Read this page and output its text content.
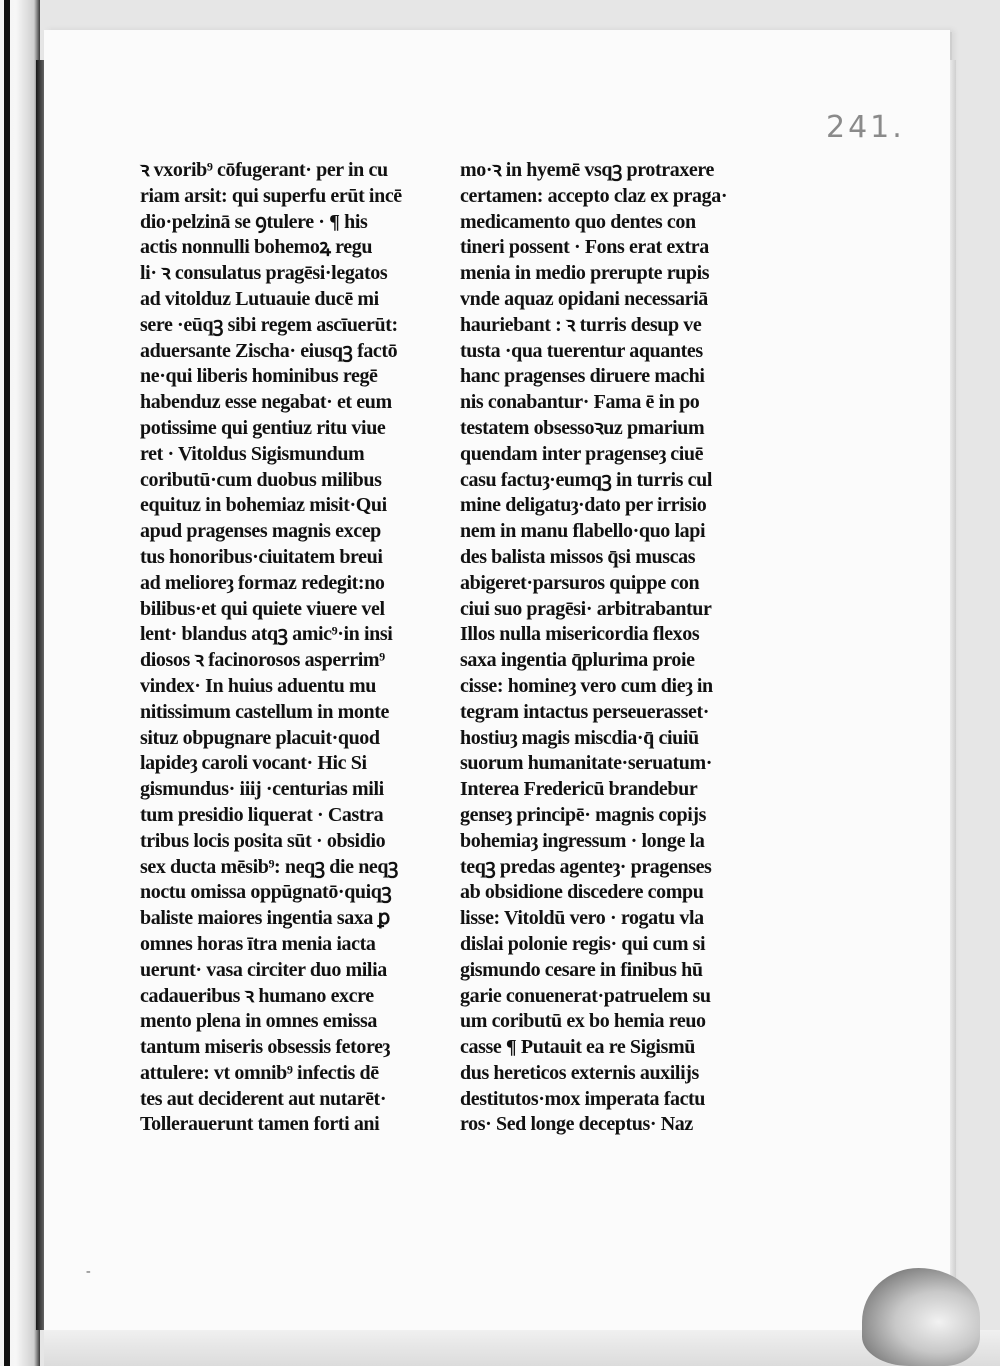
241.
-
ꝛ vxorib⁹ cōfugerant· per in cu
riam arsit: qui superfu erūt incē
dio·pelzinā se ꝯtulere · ¶ his
actis nonnulli bohemoꝝ regu
li· ꝛ consulatus pragēsi·legatos
ad vitolduz Lutuauie ducē mi
sere ·eūqꝫ sibi regem ascīuerūt:
aduersante Zischa· eiusqꝫ factō
ne·qui liberis hominibus regē
habenduz esse negabat· et eum
potissime qui gentiuz ritu viue
ret · Vitoldus Sigismundum
coributū·cum duobus milibus
equituz in bohemiaz misit·Qui
apud pragenses magnis excep
tus honoribus·ciuitatem breui
ad melioreȝ formaz redegit:no
bilibus·et qui quiete viuere vel
lent· blandus atqꝫ amic⁹·in insi
diosos ꝛ facinorosos asperrim⁹
vindex· In huius aduentu mu
nitissimum castellum in monte
situz obpugnare placuit·quod
lapideȝ caroli vocant· Hic Si
gismundus· iiij ·centurias mili
tum presidio liquerat · Castra
tribus locis posita sūt · obsidio
sex ducta mēsib⁹: neqꝫ die neqꝫ
noctu omissa oppūgnatō·quiqꝫ
baliste maiores ingentia saxa ꝑ
omnes horas ītra menia iacta
uerunt· vasa circiter duo milia
cadaueribus ꝛ humano excre
mento plena in omnes emissa
tantum miseris obsessis fetoreȝ
attulere: vt omnib⁹ infectis dē
tes aut deciderent aut nutarēt·
Tollerauerunt tamen forti ani
mo·ꝛ in hyemē vsqꝫ protraxere
certamen: accepto claz ex praga·
medicamento quo dentes con
tineri possent · Fons erat extra
menia in medio prerupte rupis
vnde aquaz opidani necessariā
hauriebant : ꝛ turris desup ve
tusta ·qua tuerentur aquantes
hanc pragenses diruere machi
nis conabantur· Fama ē in po
testatem obsessoꝛuz pmarium
quendam inter pragenseȝ ciuē
casu factuȝ·eumqꝫ in turris cul
mine deligatuȝ·dato per irrisio
nem in manu flabello·quo lapi
des balista missos q̄si muscas
abigeret·parsuros quippe con
ciui suo pragēsi· arbitrabantur
Illos nulla misericordia flexos
saxa ingentia q̄plurima proie
cisse: homineȝ vero cum dieȝ in
tegram intactus perseuerasset·
hostiuȝ magis miscdia·q̄ ciuiū
suorum humanitate·seruatum·
Interea Fredericū brandebur
genseȝ principē· magnis copijs
bohemiaȝ ingressum · longe la
teqꝫ predas agenteȝ· pragenses
ab obsidione discedere compu
lisse: Vitoldū vero · rogatu vla
dislai polonie regis· qui cum si
gismundo cesare in finibus hū
garie conuenerat·patruelem su
um coributū ex bo hemia reuo
casse ¶ Putauit ea re Sigismū
dus hereticos externis auxilijs
destitutos·mox imperata factu
ros· Sed longe deceptus· Naz
